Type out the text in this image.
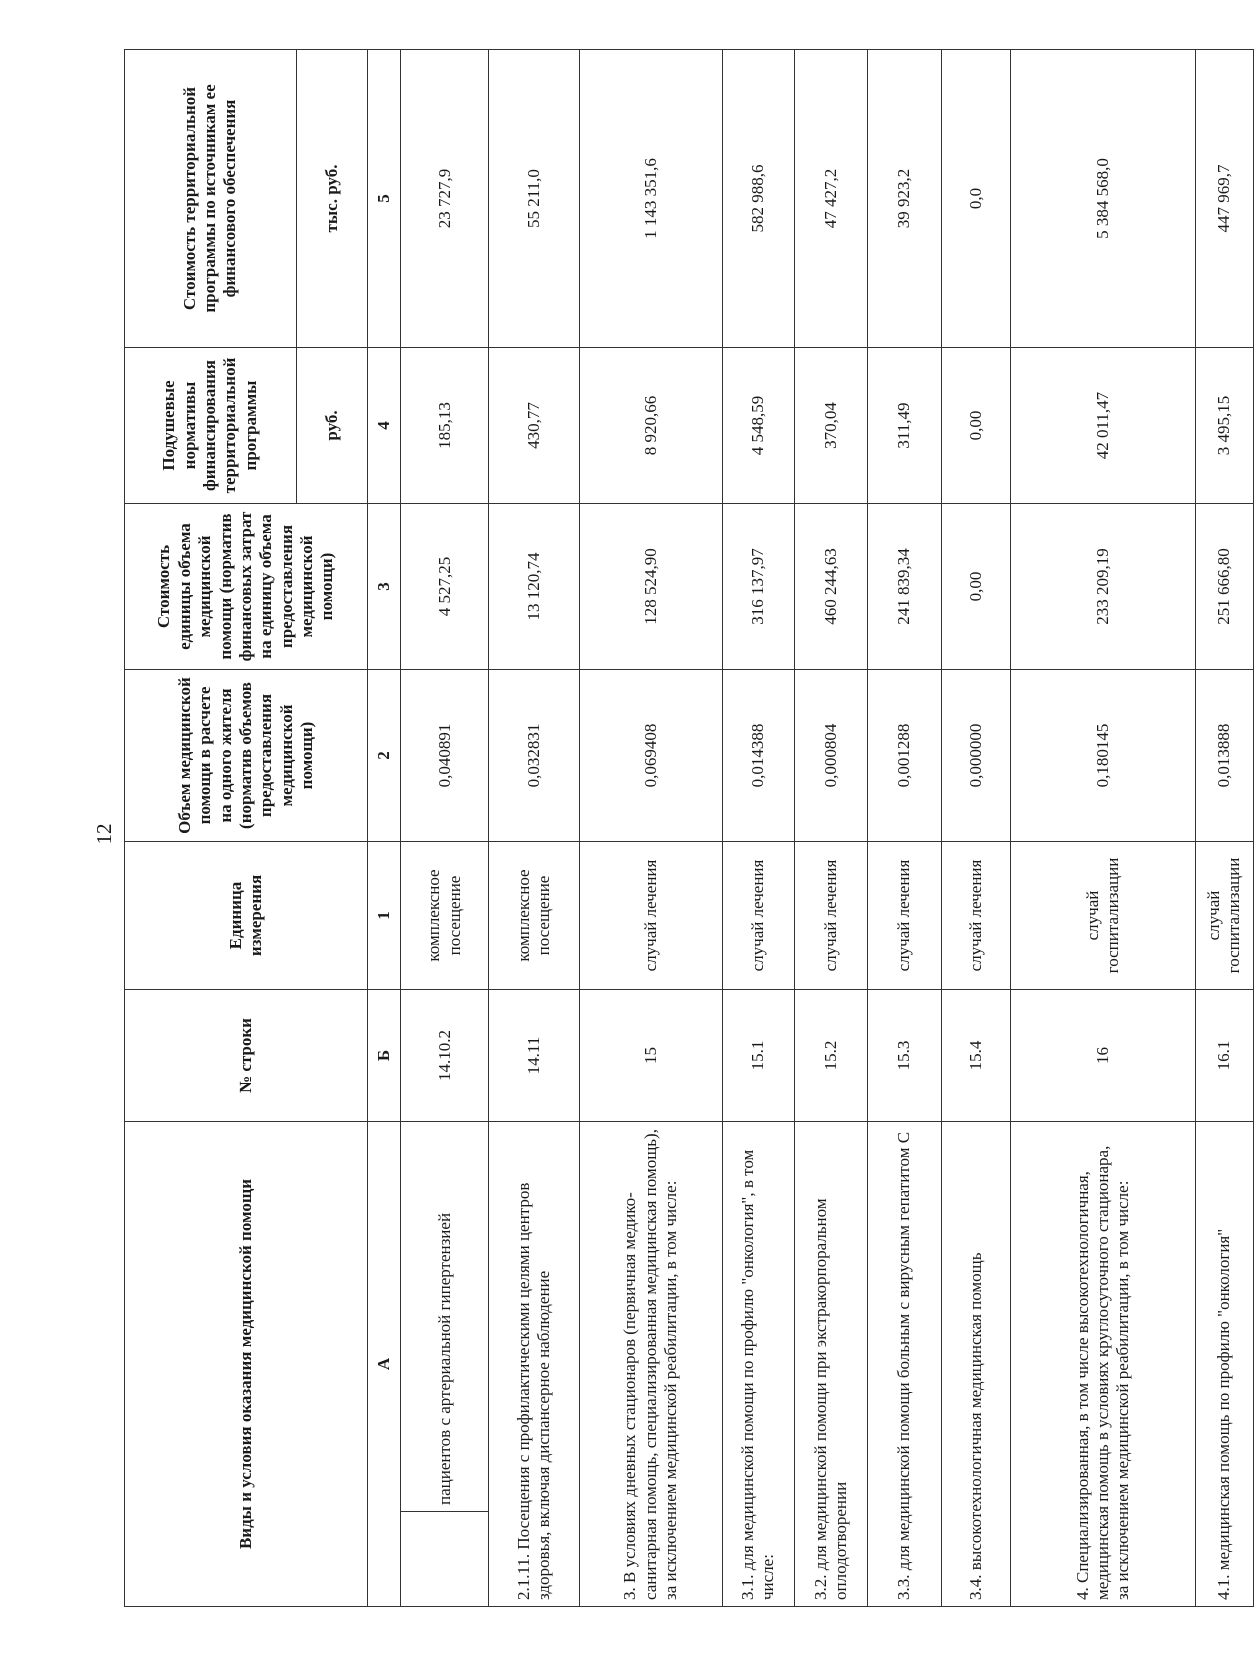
12
Виды и условия оказания медицинской помощи		№ строки	Единица измерения	Объем медицинской помощи в расчете на одного жителя (норматив объемов предоставления медицинской помощи)	Стоимость единицы объема медицинской помощи (норматив финансовых затрат на единицу объема предоставления медицинской помощи)	Подушевые нормативы финансирования территориальной программы	Стоимость территориальной программы по источникам ее финансового обеспечения
						руб.	тыс. руб.
А		Б	1	2	3	4	5
	пациентов с артериальной гипертензией	14.10.2	комплексное посещение	0,040891	4 527,25	185,13	23 727,9
2.1.11. Посещения с профилактическими целями центров здоровья, включая диспансерное наблюдение		14.11	комплексное посещение	0,032831	13 120,74	430,77	55 211,0
3. В условиях дневных стационаров (первичная медико-санитарная помощь, специализированная медицинская помощь), за исключением медицинской реабилитации, в том числе:		15	случай лечения	0,069408	128 524,90	8 920,66	1 143 351,6
3.1. для медицинской помощи по профилю "онкология", в том числе:		15.1	случай лечения	0,014388	316 137,97	4 548,59	582 988,6
3.2. для медицинской помощи при экстракорпоральном оплодотворении		15.2	случай лечения	0,000804	460 244,63	370,04	47 427,2
3.3. для медицинской помощи больным с вирусным гепатитом С		15.3	случай лечения	0,001288	241 839,34	311,49	39 923,2
3.4. высокотехнологичная медицинская помощь		15.4	случай лечения	0,000000	0,00	0,00	0,0
4. Специализированная, в том числе высокотехнологичная, медицинская помощь в условиях круглосуточного стационара, за исключением медицинской реабилитации, в том числе:		16	случай госпитализации	0,180145	233 209,19	42 011,47	5 384 568,0
4.1. медицинская помощь по профилю "онкология"		16.1	случай госпитализации	0,013888	251 666,80	3 495,15	447 969,7
